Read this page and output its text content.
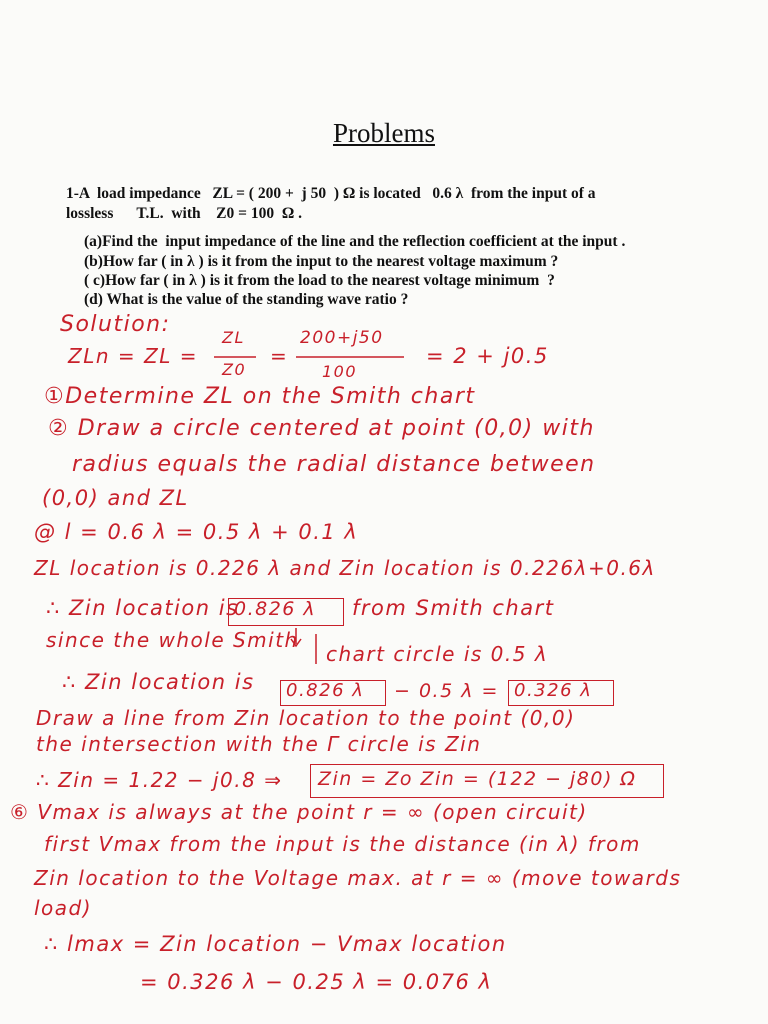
Problems
1-A  load impedance   ZL = ( 200 +  j 50  ) Ω is located   0.6 λ  from the input of a
lossless      T.L.  with    Z0 = 100  Ω .
(a)Find the  input impedance of the line and the reflection coefficient at the input .
(b)How far ( in λ ) is it from the input to the nearest voltage maximum ?
( c)How far ( in λ ) is it from the load to the nearest voltage minimum  ?
(d) What is the value of the standing wave ratio ?
Solution:
ZLn = ZL =
ZL
Z0
=
200+j50
100
= 2 + j0.5
①Determine ZL on the Smith chart
② Draw a circle centered at point (0,0) with
radius equals the radial distance between
(0,0) and ZL
@ l = 0.6 λ = 0.5 λ + 0.1 λ
ZL location is 0.226 λ and Zin location is 0.226λ+0.6λ
∴ Zin location is
0.826 λ from Smith chart
since the whole Smith
chart circle is 0.5 λ
∴ Zin location is 0.826 λ − 0.5 λ = 0.326 λ
Draw a line from Zin location to the point (0,0)
the intersection with the Γ circle is Zin
∴ Zin = 1.22 − j0.8 ⇒ Zin = Zo Zin = (122 − j80) Ω
⑥ Vmax is always at the point r = ∞ (open circuit)
first Vmax from the input is the distance (in λ) from
Zin location to the Voltage max. at r = ∞ (move towards
load)
∴ lmax = Zin location − Vmax location
= 0.326 λ − 0.25 λ = 0.076 λ
